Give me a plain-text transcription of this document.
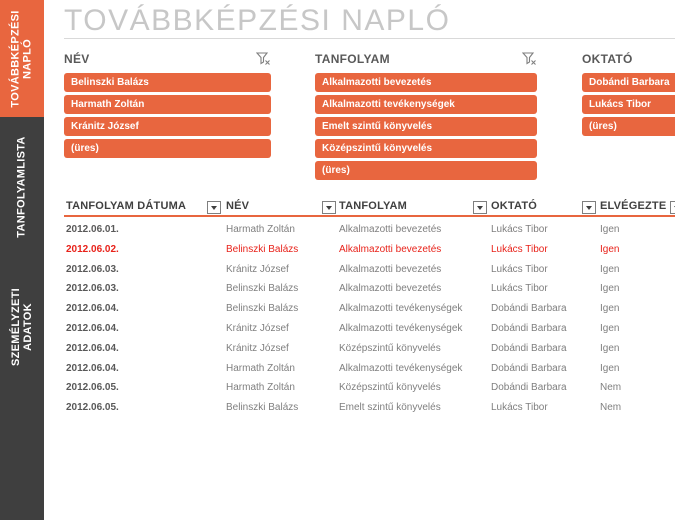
TOVÁBBKÉPZÉSI
NAPLÓ
TANFOLYAMLISTA
SZEMÉLYZETI
ADATOK
TOVÁBBKÉPZÉSI NAPLÓ
NÉV
Belinszki Balázs
Harmath Zoltán
Kránitz József
(üres)
TANFOLYAM
Alkalmazotti bevezetés
Alkalmazotti tevékenységek
Emelt szintű könyvelés
Középszintű könyvelés
(üres)
OKTATÓ
Dobándi Barbara
Lukács Tibor
(üres)
TANFOLYAM DÁTUMA	NÉV	TANFOLYAM	OKTATÓ	ELVÉGEZTE
2012.06.01.	Harmath Zoltán	Alkalmazotti bevezetés	Lukács Tibor	Igen
2012.06.02.	Belinszki Balázs	Alkalmazotti bevezetés	Lukács Tibor	Igen
2012.06.03.	Kránitz József	Alkalmazotti bevezetés	Lukács Tibor	Igen
2012.06.03.	Belinszki Balázs	Alkalmazotti bevezetés	Lukács Tibor	Igen
2012.06.04.	Belinszki Balázs	Alkalmazotti tevékenységek	Dobándi Barbara	Igen
2012.06.04.	Kránitz József	Alkalmazotti tevékenységek	Dobándi Barbara	Igen
2012.06.04.	Kránitz József	Középszintű könyvelés	Dobándi Barbara	Igen
2012.06.04.	Harmath Zoltán	Alkalmazotti tevékenységek	Dobándi Barbara	Igen
2012.06.05.	Harmath Zoltán	Középszintű könyvelés	Dobándi Barbara	Nem
2012.06.05.	Belinszki Balázs	Emelt szintű könyvelés	Lukács Tibor	Nem
